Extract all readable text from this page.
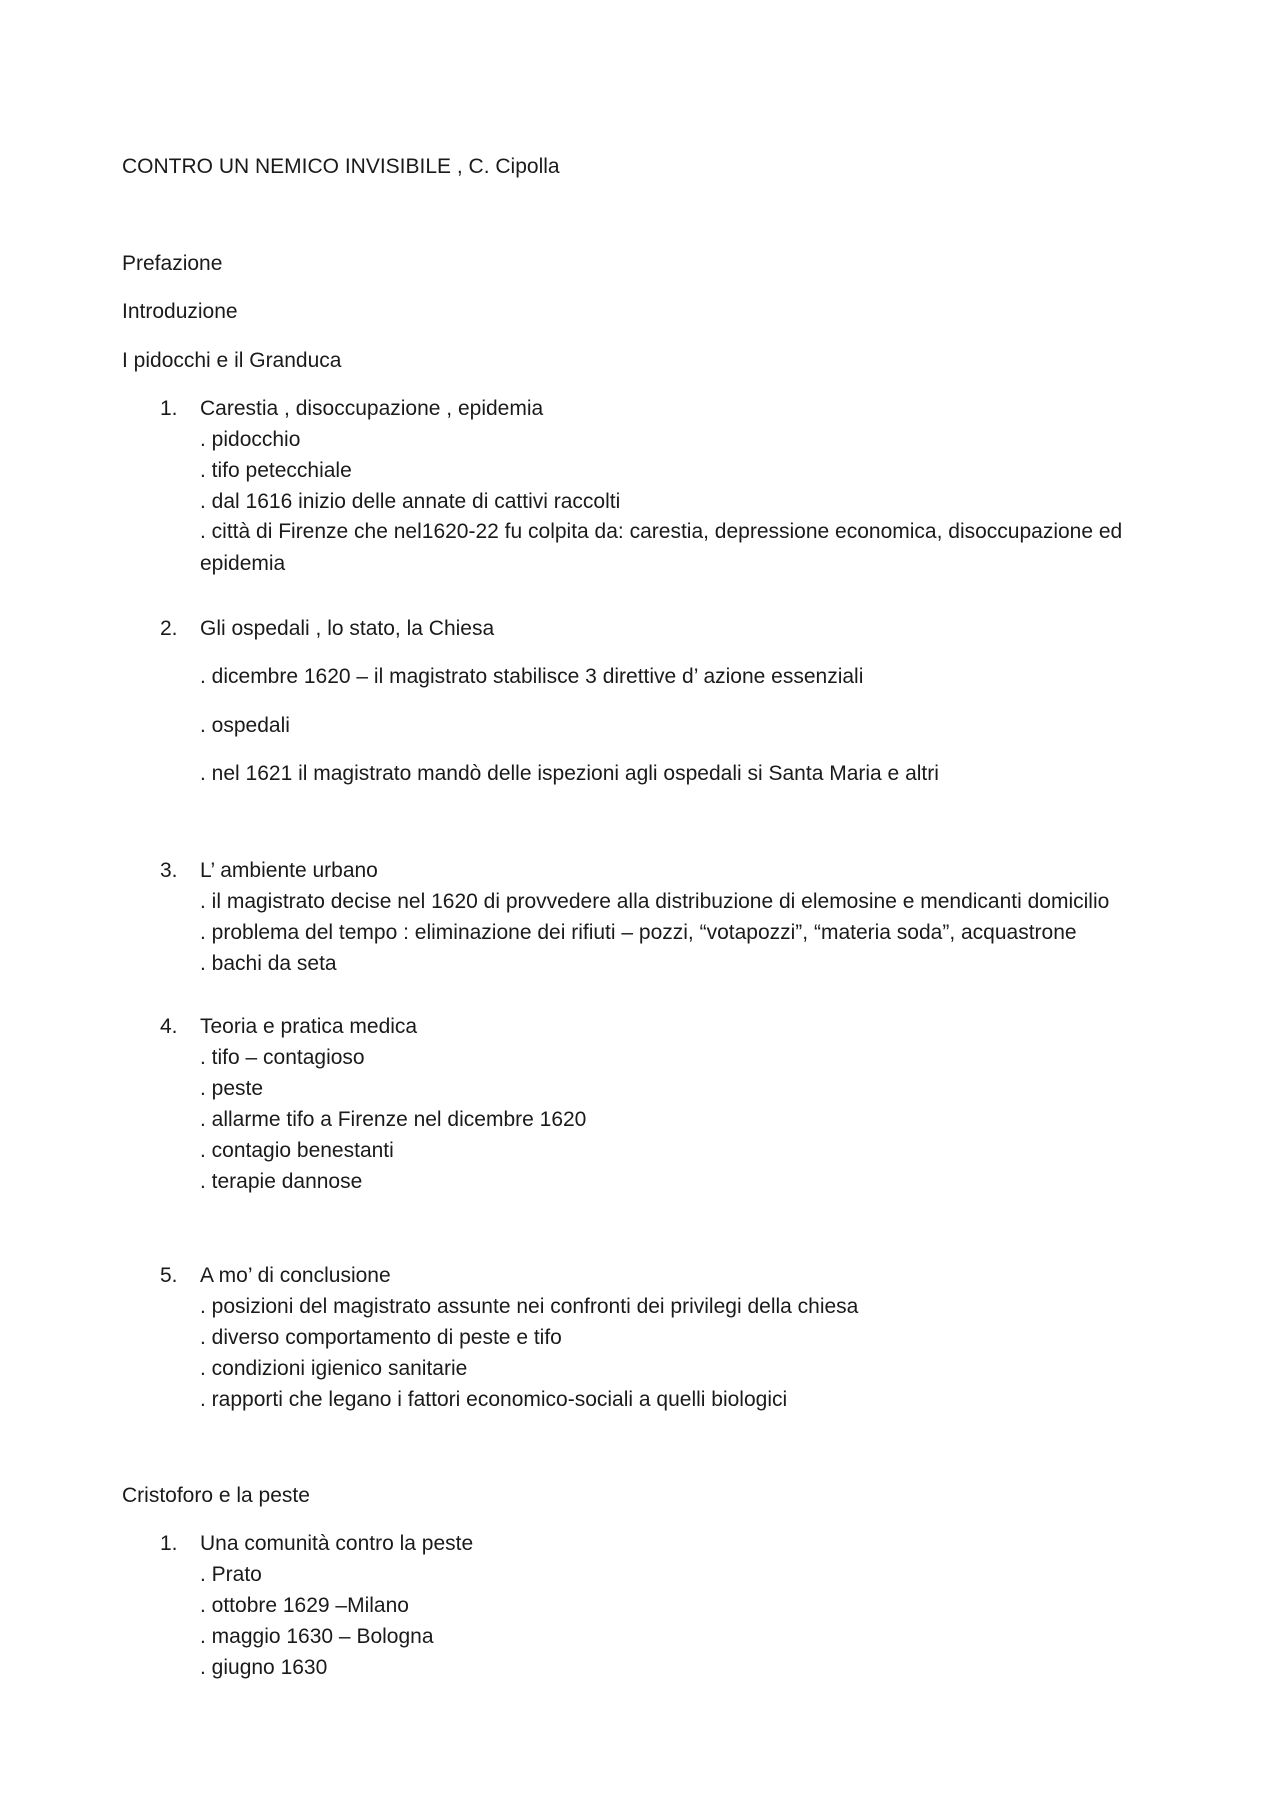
CONTRO UN NEMICO INVISIBILE , C. Cipolla
Prefazione
Introduzione
I pidocchi e il Granduca
1.	Carestia , disoccupazione , epidemia
. pidocchio
. tifo petecchiale
. dal 1616 inizio delle annate di cattivi raccolti
. città di Firenze che nel1620-22 fu colpita da: carestia, depressione economica, disoccupazione ed epidemia
2.	Gli ospedali , lo stato, la Chiesa
. dicembre 1620 – il magistrato stabilisce 3 direttive d’ azione essenziali
. ospedali
. nel 1621 il magistrato mandò delle ispezioni agli ospedali si Santa Maria e altri
3.	L’ ambiente urbano
. il magistrato decise nel 1620 di provvedere alla distribuzione di elemosine e mendicanti domicilio
. problema del tempo : eliminazione dei rifiuti – pozzi, “votapozzi”, “materia soda”, acquastrone
. bachi da seta
4.	Teoria e pratica medica
. tifo – contagioso
. peste
. allarme tifo a Firenze nel dicembre 1620
. contagio benestanti
. terapie dannose
5.	A mo’ di conclusione
. posizioni del magistrato assunte nei confronti dei privilegi della chiesa
. diverso comportamento di peste e tifo
. condizioni igienico sanitarie
. rapporti che legano i fattori economico-sociali a quelli biologici
Cristoforo e la peste
1.	Una comunità contro la peste
. Prato
. ottobre 1629 –Milano
. maggio 1630 – Bologna
. giugno 1630
